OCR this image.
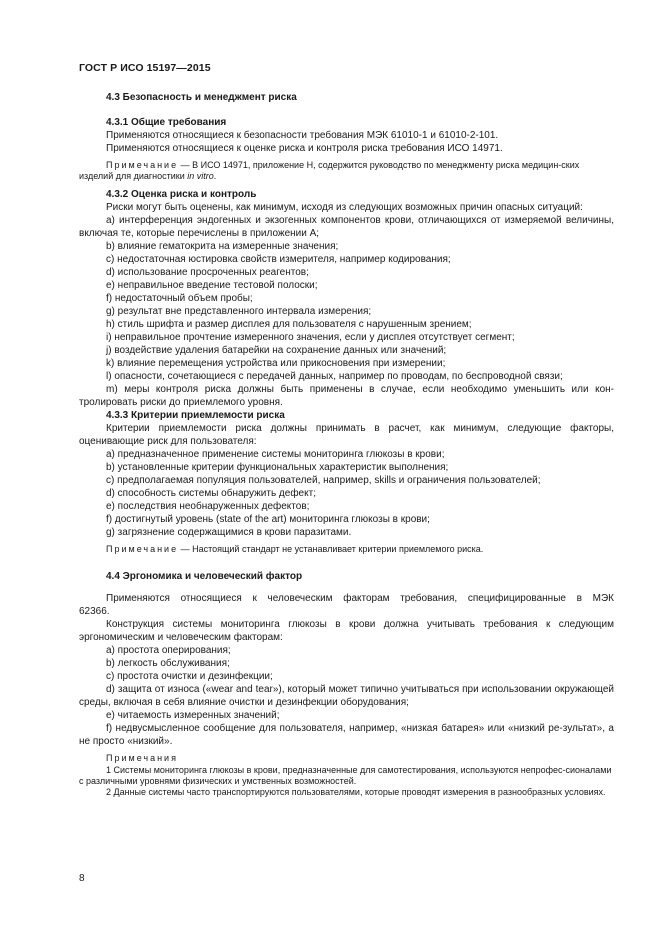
ГОСТ Р ИСО 15197—2015

4.3 Безопасность и менеджмент риска

4.3.1 Общие требования

Применяются относящиеся к безопасности требования МЭК 61010-1 и 61010-2-101.

Применяются относящиеся к оценке риска и контроля риска требования ИСО 14971.

Примечание — В ИСО 14971, приложение Н, содержится руководство по менеджменту риска медицин-ских изделий для диагностики in vitro.

4.3.2 Оценка риска и контроль

Риски могут быть оценены, как минимум, исходя из следующих возможных причин опасных ситуаций:

a) интерференция эндогенных и экзогенных компонентов крови, отличающихся от измеряемой величины, включая те, которые перечислены в приложении А;

b) влияние гематокрита на измеренные значения;

c) недостаточная юстировка свойств измерителя, например кодирования;

d) использование просроченных реагентов;

e) неправильное введение тестовой полоски;

f) недостаточный объем пробы;

g) результат вне представленного интервала измерения;

h) стиль шрифта и размер дисплея для пользователя с нарушенным зрением;

i) неправильное прочтение измеренного значения, если у дисплея отсутствует сегмент;

j) воздействие удаления батарейки на сохранение данных или значений;

k) влияние перемещения устройства или прикосновения при измерении;

l) опасности, сочетающиеся с передачей данных, например по проводам, по беспроводной связи;

m) меры контроля риска должны быть применены в случае, если необходимо уменьшить или кон-тролировать риски до приемлемого уровня.

4.3.3 Критерии приемлемости риска

Критерии приемлемости риска должны принимать в расчет, как минимум, следующие факторы, оценивающие риск для пользователя:

a) предназначенное применение системы мониторинга глюкозы в крови;

b) установленные критерии функциональных характеристик выполнения;

c) предполагаемая популяция пользователей, например, skills и ограничения пользователей;

d) способность системы обнаружить дефект;

e) последствия необнаруженных дефектов;

f) достигнутый уровень (state of the art) мониторинга глюкозы в крови;

g) загрязнение содержащимися в крови паразитами.

Примечание — Настоящий стандарт не устанавливает критерии приемлемого риска.

4.4 Эргономика и человеческий фактор

Применяются относящиеся к человеческим факторам требования, специфицированные в МЭК 62366.

Конструкция системы мониторинга глюкозы в крови должна учитывать требования к следующим эргономическим и человеческим факторам:

a) простота оперирования;

b) легкость обслуживания;

c) простота очистки и дезинфекции;

d) защита от износа («wear and tear»), который может типично учитываться при использовании окружающей среды, включая в себя влияние очистки и дезинфекции оборудования;

e) читаемость измеренных значений;

f) недвусмысленное сообщение для пользователя, например, «низкая батарея» или «низкий ре-зультат», а не просто «низкий».

Примечания

1 Системы мониторинга глюкозы в крови, предназначенные для самотестирования, используются непрофес-сионалами с различными уровнями физических и умственных возможностей.

2 Данные системы часто транспортируются пользователями, которые проводят измерения в разнообразных условиях.

8
